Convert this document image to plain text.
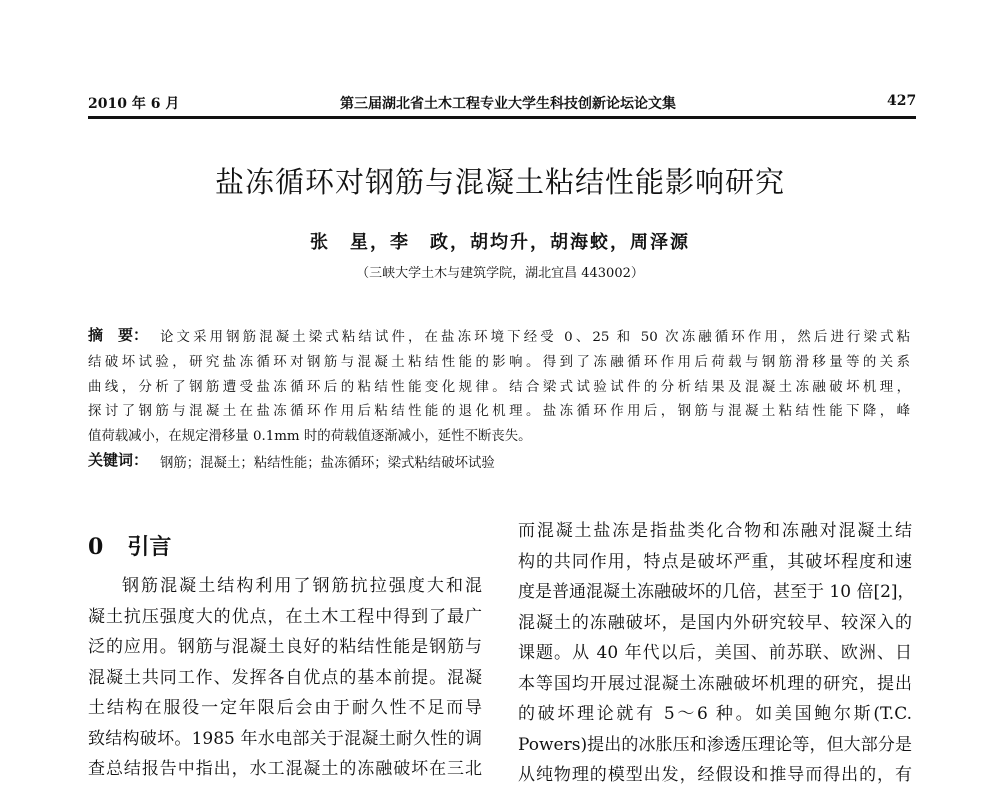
2010 年 6 月	第三届湖北省土木工程专业大学生科技创新论坛论文集	427
盐冻循环对钢筋与混凝土粘结性能影响研究
张　星，李　政，胡均升，胡海蛟，周泽源
（三峡大学土木与建筑学院，湖北宜昌 443002）
摘　要： 论文采用钢筋混凝土梁式粘结试件，在盐冻环境下经受 0、25 和 50 次冻融循环作用，然后进行梁式粘
结破坏试验，研究盐冻循环对钢筋与混凝土粘结性能的影响。得到了冻融循环作用后荷载与钢筋滑移量等的关系
曲线，分析了钢筋遭受盐冻循环后的粘结性能变化规律。结合梁式试验试件的分析结果及混凝土冻融破坏机理，
探讨了钢筋与混凝土在盐冻循环作用后粘结性能的退化机理。盐冻循环作用后，钢筋与混凝土粘结性能下降，峰
值荷载减小，在规定滑移量 0.1mm 时的荷载值逐渐减小，延性不断丧失。
关键词： 钢筋；混凝土；粘结性能；盐冻循环；梁式粘结破坏试验
0 引言
钢筋混凝土结构利用了钢筋抗拉强度大和混
凝土抗压强度大的优点，在土木工程中得到了最广
泛的应用。钢筋与混凝土良好的粘结性能是钢筋与
混凝土共同工作、发挥各自优点的基本前提。混凝
土结构在服役一定年限后会由于耐久性不足而导
致结构破坏。1985 年水电部关于混凝土耐久性的调
查总结报告中指出，水工混凝土的冻融破坏在三北
而混凝土盐冻是指盐类化合物和冻融对混凝土结
构的共同作用，特点是破坏严重，其破坏程度和速
度是普通混凝土冻融破坏的几倍，甚至于 10 倍[2]，
混凝土的冻融破坏，是国内外研究较早、较深入的
课题。从 40 年代以后，美国、前苏联、欧洲、日
本等国均开展过混凝土冻融破坏机理的研究，提出
的破坏理论就有 5～6 种。如美国鲍尔斯(T.C.
Powers)提出的冰胀压和渗透压理论等，但大部分是
从纯物理的模型出发，经假设和推导而得出的，有
